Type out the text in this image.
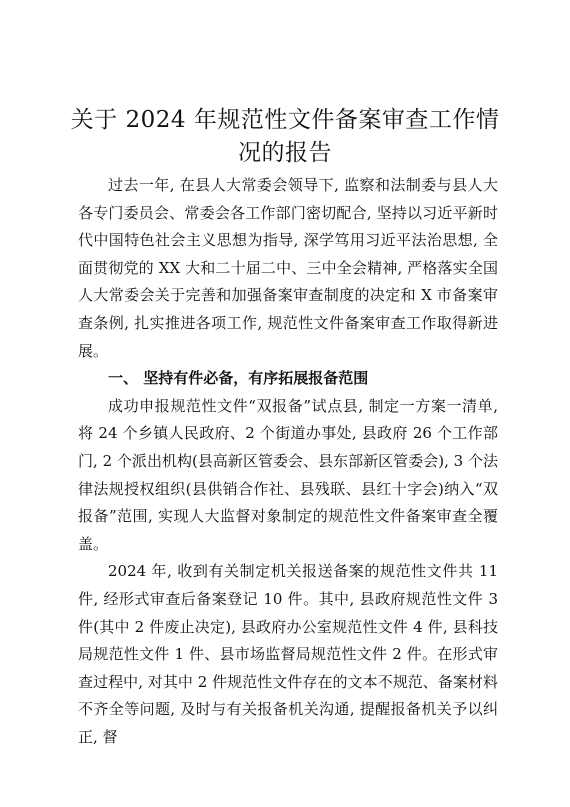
关于 2024 年规范性文件备案审查工作情况的报告

过去一年, 在县人大常委会领导下, 监察和法制委与县人大各专门委员会、常委会各工作部门密切配合, 坚持以习近平新时代中国特色社会主义思想为指导, 深学笃用习近平法治思想, 全面贯彻党的 XX 大和二十届二中、三中全会精神, 严格落实全国人大常委会关于完善和加强备案审查制度的决定和 X 市备案审查条例, 扎实推进各项工作, 规范性文件备案审查工作取得新进展。

一、 坚持有件必备，有序拓展报备范围

成功申报规范性文件“双报备”试点县, 制定一方案一清单, 将 24 个乡镇人民政府、2 个街道办事处, 县政府 26 个工作部门, 2 个派出机构(县高新区管委会、县东部新区管委会), 3 个法律法规授权组织(县供销合作社、县残联、县红十字会)纳入“双报备”范围, 实现人大监督对象制定的规范性文件备案审查全覆盖。

2024 年, 收到有关制定机关报送备案的规范性文件共 11 件, 经形式审查后备案登记 10 件。其中, 县政府规范性文件 3 件(其中 2 件废止决定), 县政府办公室规范性文件 4 件, 县科技局规范性文件 1 件、县市场监督局规范性文件 2 件。在形式审查过程中, 对其中 2 件规范性文件存在的文本不规范、备案材料不齐全等问题, 及时与有关报备机关沟通, 提醒报备机关予以纠正, 督
